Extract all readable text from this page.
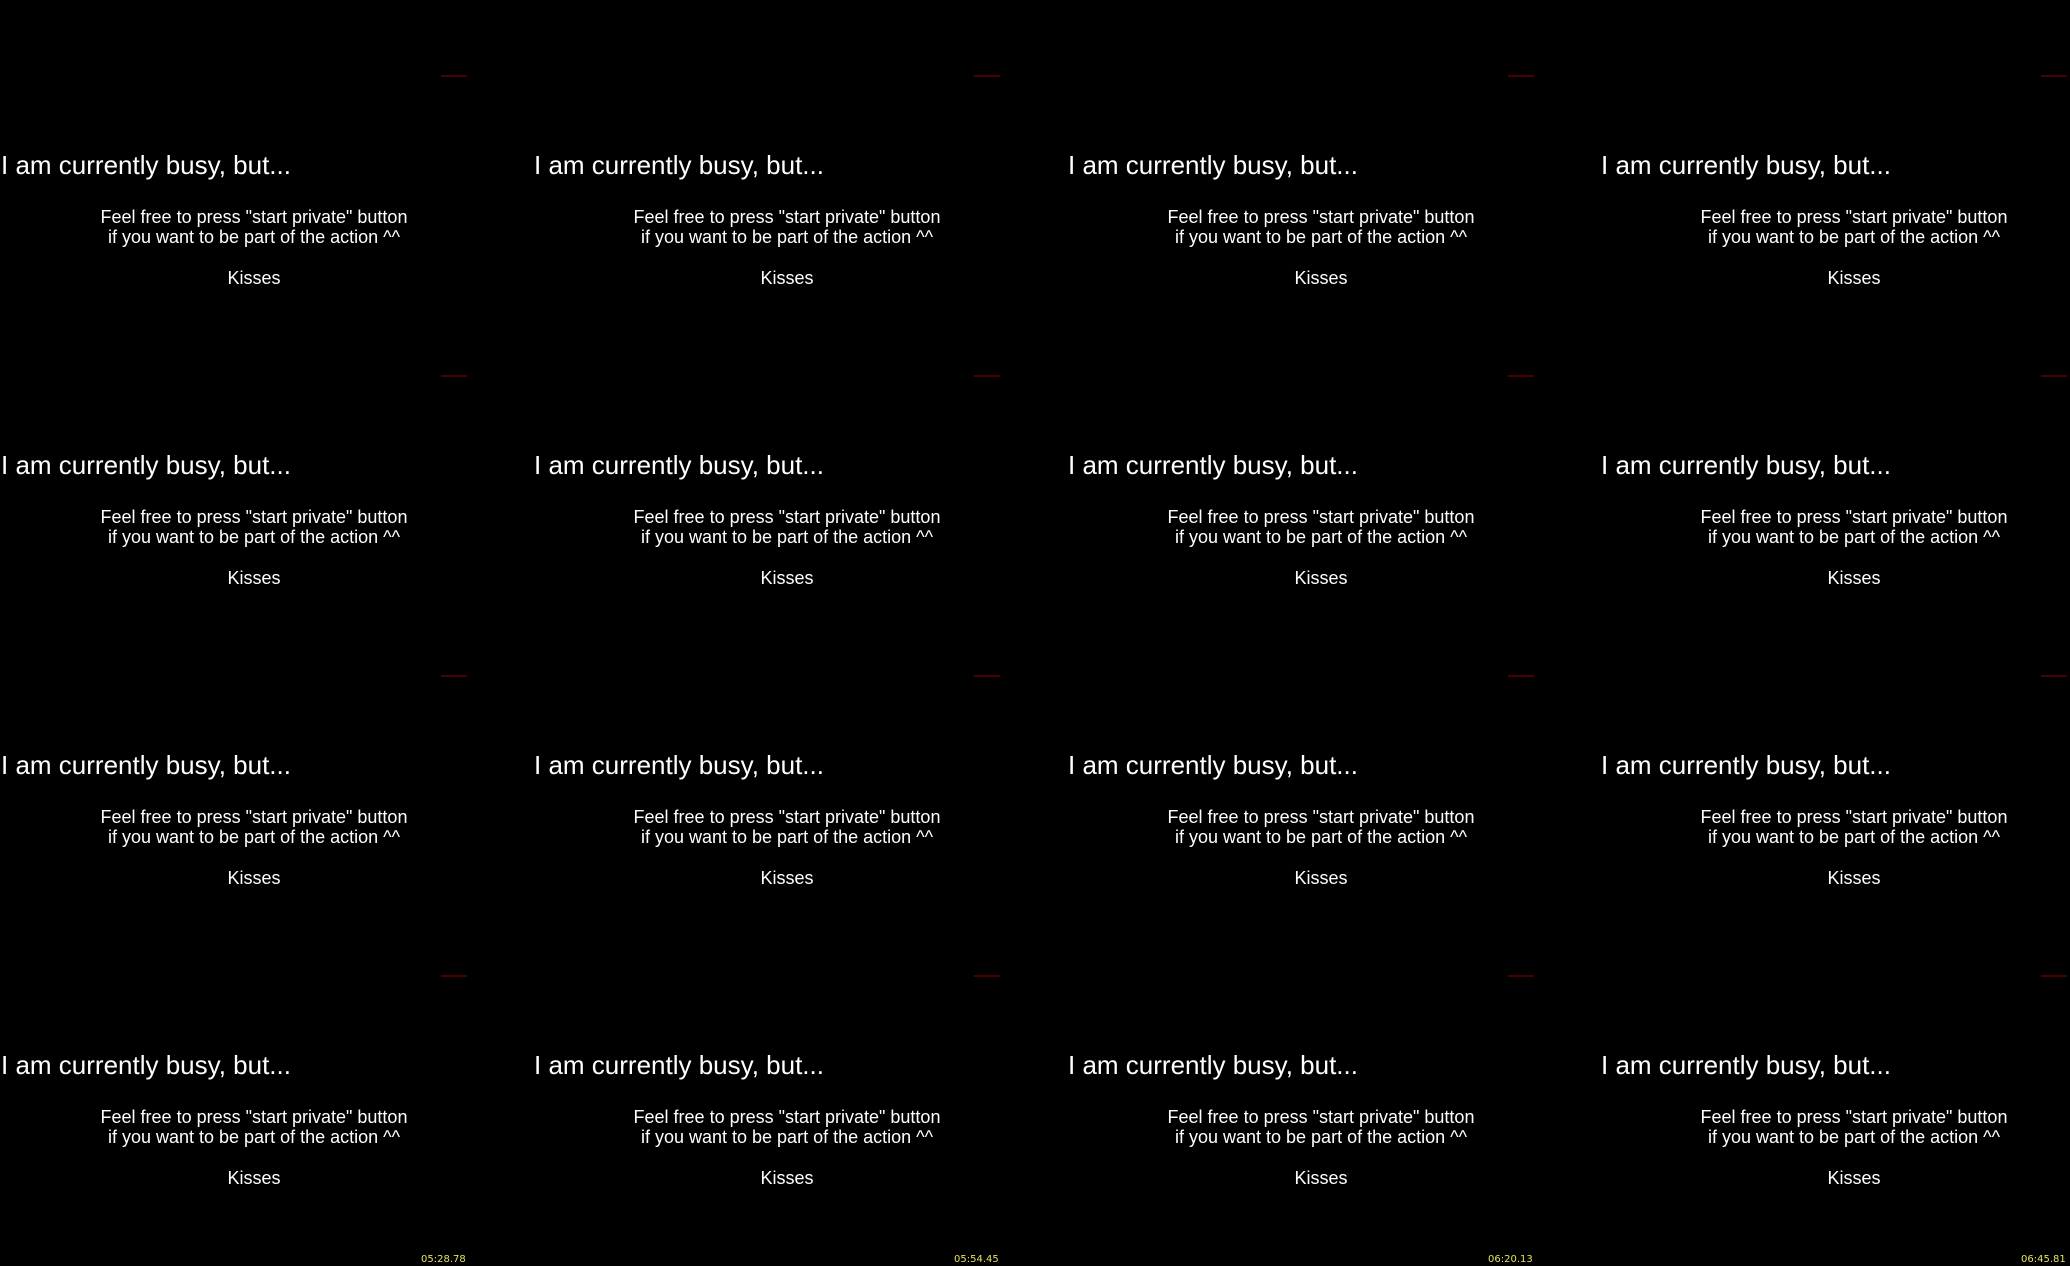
I am currently busy, but...
Feel free to press "start private" button
if you want to be part of the action ^^
Kisses
I am currently busy, but...
Feel free to press "start private" button
if you want to be part of the action ^^
Kisses
I am currently busy, but...
Feel free to press "start private" button
if you want to be part of the action ^^
Kisses
I am currently busy, but...
Feel free to press "start private" button
if you want to be part of the action ^^
Kisses
I am currently busy, but...
Feel free to press "start private" button
if you want to be part of the action ^^
Kisses
I am currently busy, but...
Feel free to press "start private" button
if you want to be part of the action ^^
Kisses
I am currently busy, but...
Feel free to press "start private" button
if you want to be part of the action ^^
Kisses
I am currently busy, but...
Feel free to press "start private" button
if you want to be part of the action ^^
Kisses
I am currently busy, but...
Feel free to press "start private" button
if you want to be part of the action ^^
Kisses
I am currently busy, but...
Feel free to press "start private" button
if you want to be part of the action ^^
Kisses
I am currently busy, but...
Feel free to press "start private" button
if you want to be part of the action ^^
Kisses
I am currently busy, but...
Feel free to press "start private" button
if you want to be part of the action ^^
Kisses
I am currently busy, but...
Feel free to press "start private" button
if you want to be part of the action ^^
Kisses
05:28.78
I am currently busy, but...
Feel free to press "start private" button
if you want to be part of the action ^^
Kisses
05:54.45
I am currently busy, but...
Feel free to press "start private" button
if you want to be part of the action ^^
Kisses
06:20.13
I am currently busy, but...
Feel free to press "start private" button
if you want to be part of the action ^^
Kisses
06:45.81
